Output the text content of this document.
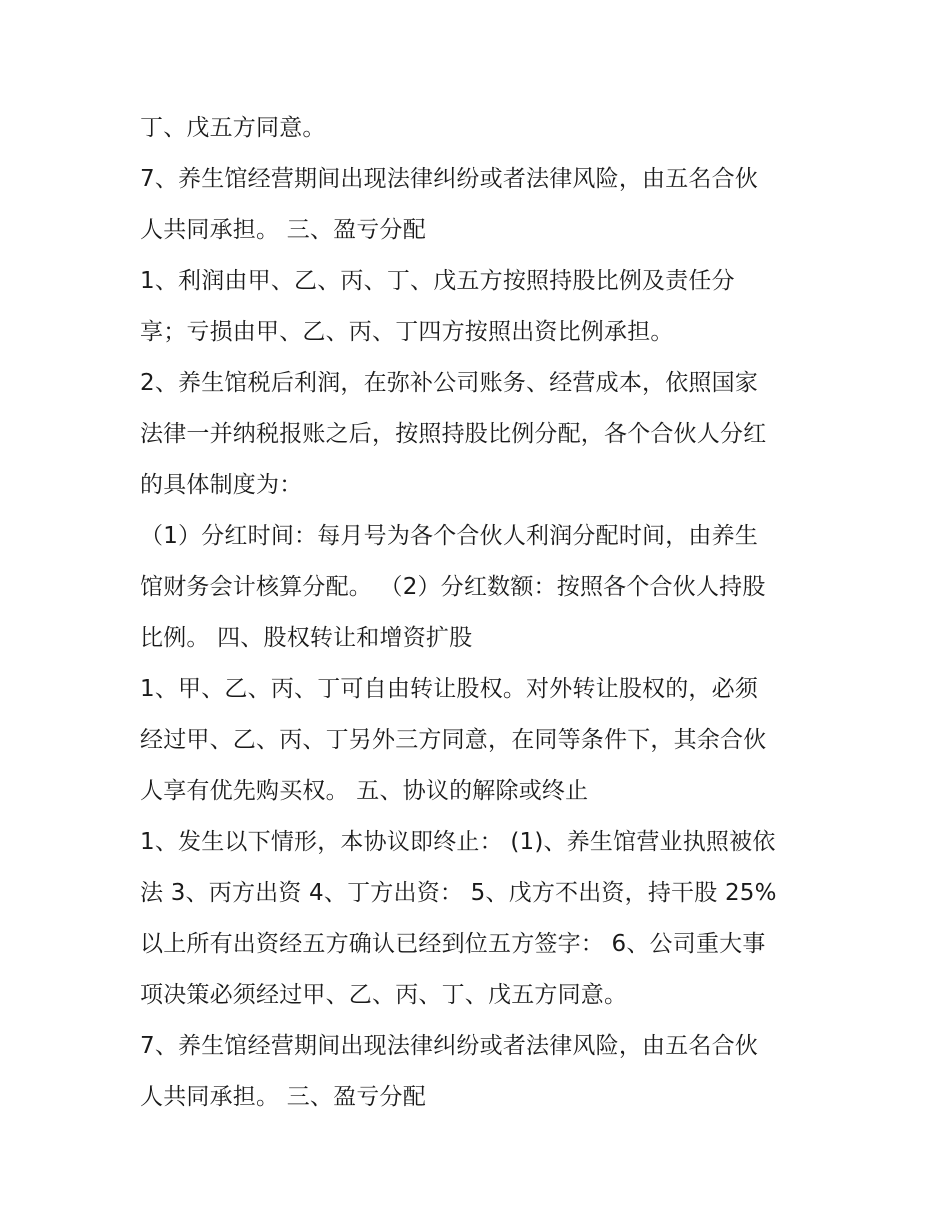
丁、戊五方同意。
7、养生馆经营期间出现法律纠纷或者法律风险，由五名合伙
人共同承担。 三、盈亏分配
1、利润由甲、乙、丙、丁、戊五方按照持股比例及责任分
享；亏损由甲、乙、丙、丁四方按照出资比例承担。
2、养生馆税后利润，在弥补公司账务、经营成本，依照国家
法律一并纳税报账之后，按照持股比例分配，各个合伙人分红
的具体制度为：
（1）分红时间：每月号为各个合伙人利润分配时间，由养生
馆财务会计核算分配。 （2）分红数额：按照各个合伙人持股
比例。 四、股权转让和增资扩股
1、甲、乙、丙、丁可自由转让股权。对外转让股权的，必须
经过甲、乙、丙、丁另外三方同意，在同等条件下，其余合伙
人享有优先购买权。 五、协议的解除或终止
1、发生以下情形，本协议即终止： (1)、养生馆营业执照被依
法 3、丙方出资 4、丁方出资： 5、戊方不出资，持干股 25%
以上所有出资经五方确认已经到位五方签字： 6、公司重大事
项决策必须经过甲、乙、丙、丁、戊五方同意。
7、养生馆经营期间出现法律纠纷或者法律风险，由五名合伙
人共同承担。 三、盈亏分配
